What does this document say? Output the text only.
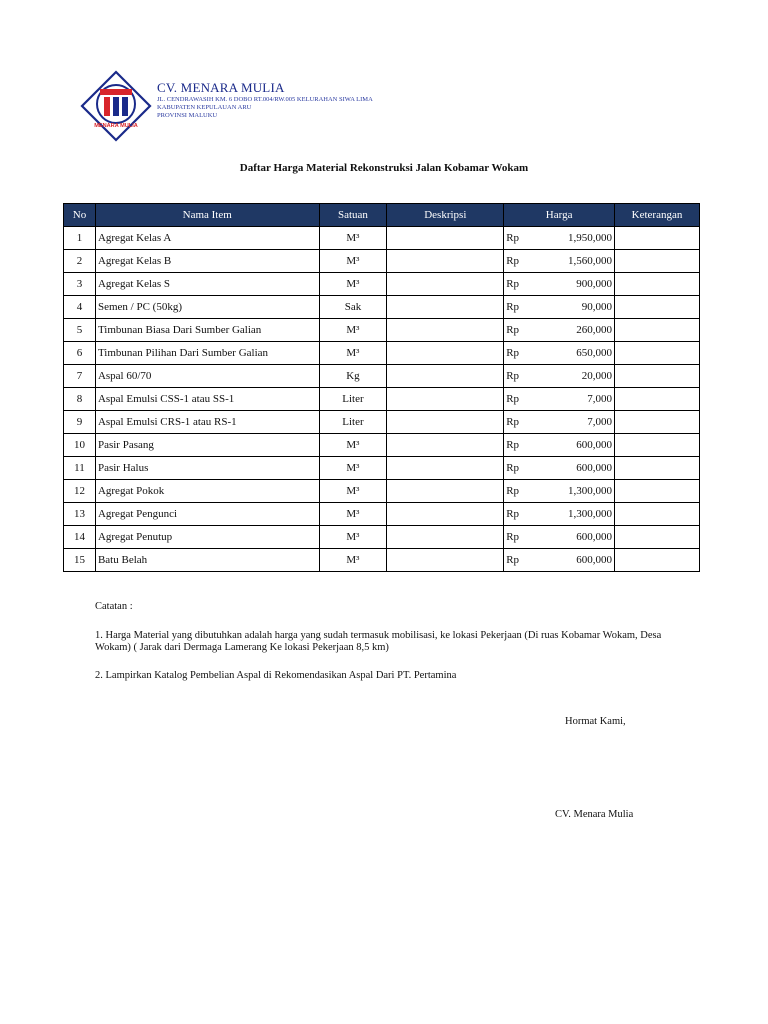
MENARA MULIA
CV. MENARA MULIA
JL. CENDRAWASIH KM. 6 DOBO RT.004/RW.005 KELURAHAN SIWA LIMA
KABUPATEN KEPULAUAN ARU
PROVINSI MALUKU
Daftar Harga Material Rekonstruksi Jalan Kobamar Wokam
No	Nama Item	Satuan	Deskripsi	Harga	Keterangan
1	Agregat Kelas A	M³		Rp 1,950,000	

2	Agregat Kelas B	M³		Rp 1,560,000	

3	Agregat Kelas S	M³		Rp 900,000	

4	Semen / PC (50kg)	Sak		Rp 90,000	

5	Timbunan Biasa Dari Sumber Galian	M³		Rp 260,000	

6	Timbunan Pilihan Dari Sumber Galian	M³		Rp 650,000	

7	Aspal 60/70	Kg		Rp 20,000	

8	Aspal Emulsi CSS-1 atau SS-1	Liter		Rp 7,000	

9	Aspal Emulsi CRS-1 atau RS-1	Liter		Rp 7,000	

10	Pasir Pasang	M³		Rp 600,000	

11	Pasir Halus	M³		Rp 600,000	

12	Agregat Pokok	M³		Rp 1,300,000	

13	Agregat Pengunci	M³		Rp 1,300,000	

14	Agregat Penutup	M³		Rp 600,000	

15	Batu Belah	M³		Rp 600,000	

Catatan :
1. Harga Material yang dibutuhkan adalah harga yang sudah termasuk mobilisasi, ke lokasi Pekerjaan (Di ruas Kobamar Wokam, Desa Wokam) ( Jarak dari Dermaga Lamerang Ke lokasi Pekerjaan 8,5 km)
2. Lampirkan Katalog Pembelian Aspal di Rekomendasikan Aspal Dari PT. Pertamina
Hormat Kami,
CV. Menara Mulia
